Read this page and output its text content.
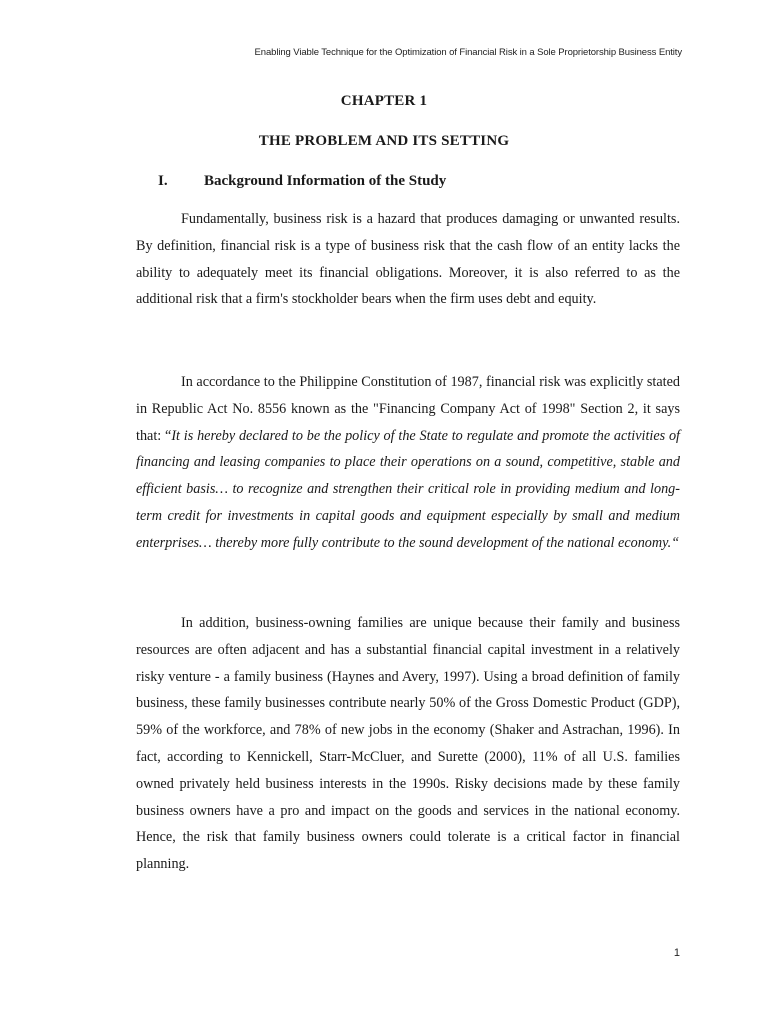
Enabling Viable Technique for the Optimization of Financial Risk in a Sole Proprietorship Business Entity
CHAPTER 1
THE PROBLEM AND ITS SETTING
I. Background Information of the Study

Fundamentally, business risk is a hazard that produces damaging or unwanted results. By definition, financial risk is a type of business risk that the cash flow of an entity lacks the ability to adequately meet its financial obligations. Moreover, it is also referred to as the additional risk that a firm's stockholder bears when the firm uses debt and equity.

In accordance to the Philippine Constitution of 1987, financial risk was explicitly stated in Republic Act No. 8556 known as the "Financing Company Act of 1998" Section 2, it says that: “It is hereby declared to be the policy of the State to regulate and promote the activities of financing and leasing companies to place their operations on a sound, competitive, stable and efficient basis… to recognize and strengthen their critical role in providing medium and long-term credit for investments in capital goods and equipment especially by small and medium enterprises… thereby more fully contribute to the sound development of the national economy.“

In addition, business-owning families are unique because their family and business resources are often adjacent and has a substantial financial capital investment in a relatively risky venture - a family business (Haynes and Avery, 1997). Using a broad definition of family business, these family businesses contribute nearly 50% of the Gross Domestic Product (GDP), 59% of the workforce, and 78% of new jobs in the economy (Shaker and Astrachan, 1996). In fact, according to Kennickell, Starr-McCluer, and Surette (2000), 11% of all U.S. families owned privately held business interests in the 1990s. Risky decisions made by these family business owners have a pro and impact on the goods and services in the national economy. Hence, the risk that family business owners could tolerate is a critical factor in financial planning.

1
